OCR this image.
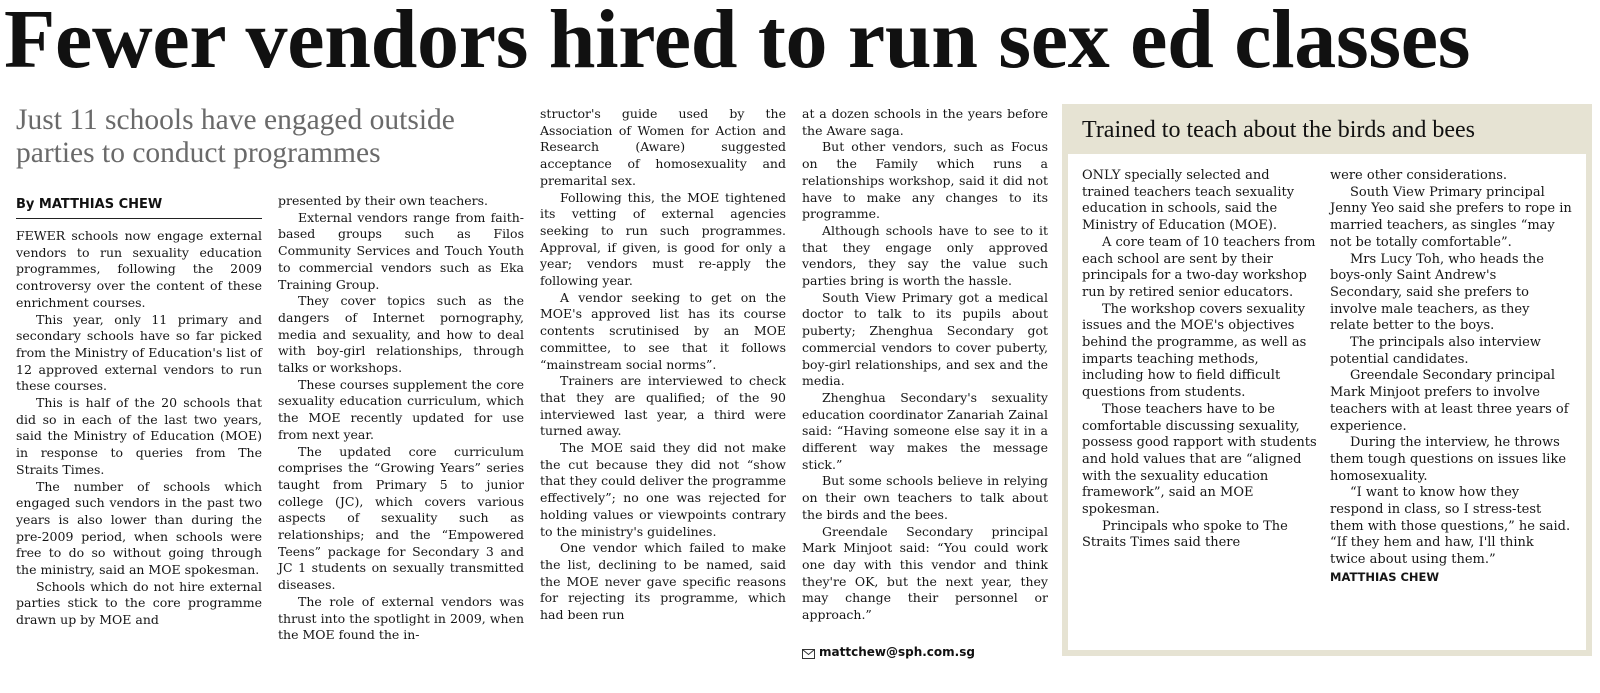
Fewer vendors hired to run sex ed classes
Just 11 schools have engaged outside parties to conduct programmes
By MATTHIAS CHEW

FEWER schools now engage external vendors to run sexuality education programmes, following the 2009 controversy over the content of these enrichment courses.

This year, only 11 primary and secondary schools have so far picked from the Ministry of Education's list of 12 approved external vendors to run these courses.

This is half of the 20 schools that did so in each of the last two years, said the Ministry of Education (MOE) in response to queries from The Straits Times.

The number of schools which engaged such vendors in the past two years is also lower than during the pre-2009 period, when schools were free to do so without going through the ministry, said an MOE spokesman.

Schools which do not hire external parties stick to the core programme drawn up by MOE and

presented by their own teachers.

External vendors range from faith-based groups such as Filos Community Services and Touch Youth to commercial vendors such as Eka Training Group.

They cover topics such as the dangers of Internet pornography, media and sexuality, and how to deal with boy-girl relationships, through talks or workshops.

These courses supplement the core sexuality education curriculum, which the MOE recently updated for use from next year.

The updated core curriculum comprises the “Growing Years” series taught from Primary 5 to junior college (JC), which covers various aspects of sexuality such as relationships; and the “Empowered Teens” package for Secondary 3 and JC 1 students on sexually transmitted diseases.

The role of external vendors was thrust into the spotlight in 2009, when the MOE found the in-

structor's guide used by the Association of Women for Action and Research (Aware) suggested acceptance of homosexuality and premarital sex.

Following this, the MOE tightened its vetting of external agencies seeking to run such programmes. Approval, if given, is good for only a year; vendors must re-apply the following year.

A vendor seeking to get on the MOE's approved list has its course contents scrutinised by an MOE committee, to see that it follows “mainstream social norms”.

Trainers are interviewed to check that they are qualified; of the 90 interviewed last year, a third were turned away.

The MOE said they did not make the cut because they did not “show that they could deliver the programme effectively”; no one was rejected for holding values or viewpoints contrary to the ministry's guidelines.

One vendor which failed to make the list, declining to be named, said the MOE never gave specific reasons for rejecting its programme, which had been run

at a dozen schools in the years before the Aware saga.

But other vendors, such as Focus on the Family which runs a relationships workshop, said it did not have to make any changes to its programme.

Although schools have to see to it that they engage only approved vendors, they say the value such parties bring is worth the hassle.

South View Primary got a medical doctor to talk to its pupils about puberty; Zhenghua Secondary got commercial vendors to cover puberty, boy-girl relationships, and sex and the media.

Zhenghua Secondary's sexuality education coordinator Zanariah Zainal said: “Having someone else say it in a different way makes the message stick.”

But some schools believe in relying on their own teachers to talk about the birds and the bees.

Greendale Secondary principal Mark Minjoot said: “You could work one day with this vendor and think they're OK, but the next year, they may change their personnel or approach.”

mattchew@sph.com.sg
Trained to teach about the birds and bees

ONLY specially selected and trained teachers teach sexuality education in schools, said the Ministry of Education (MOE).

A core team of 10 teachers from each school are sent by their principals for a two-day workshop run by retired senior educators.

The workshop covers sexuality issues and the MOE's objectives behind the programme, as well as imparts teaching methods, including how to field difficult questions from students.

Those teachers have to be comfortable discussing sexuality, possess good rapport with students and hold values that are “aligned with the sexuality education framework”, said an MOE spokesman.

Principals who spoke to The Straits Times said there

were other considerations.

South View Primary principal Jenny Yeo said she prefers to rope in married teachers, as singles “may not be totally comfortable”.

Mrs Lucy Toh, who heads the boys-only Saint Andrew's Secondary, said she prefers to involve male teachers, as they relate better to the boys.

The principals also interview potential candidates.

Greendale Secondary principal Mark Minjoot prefers to involve teachers with at least three years of experience.

During the interview, he throws them tough questions on issues like homosexuality.

“I want to know how they respond in class, so I stress-test them with those questions,” he said. “If they hem and haw, I'll think twice about using them.”

MATTHIAS CHEW
